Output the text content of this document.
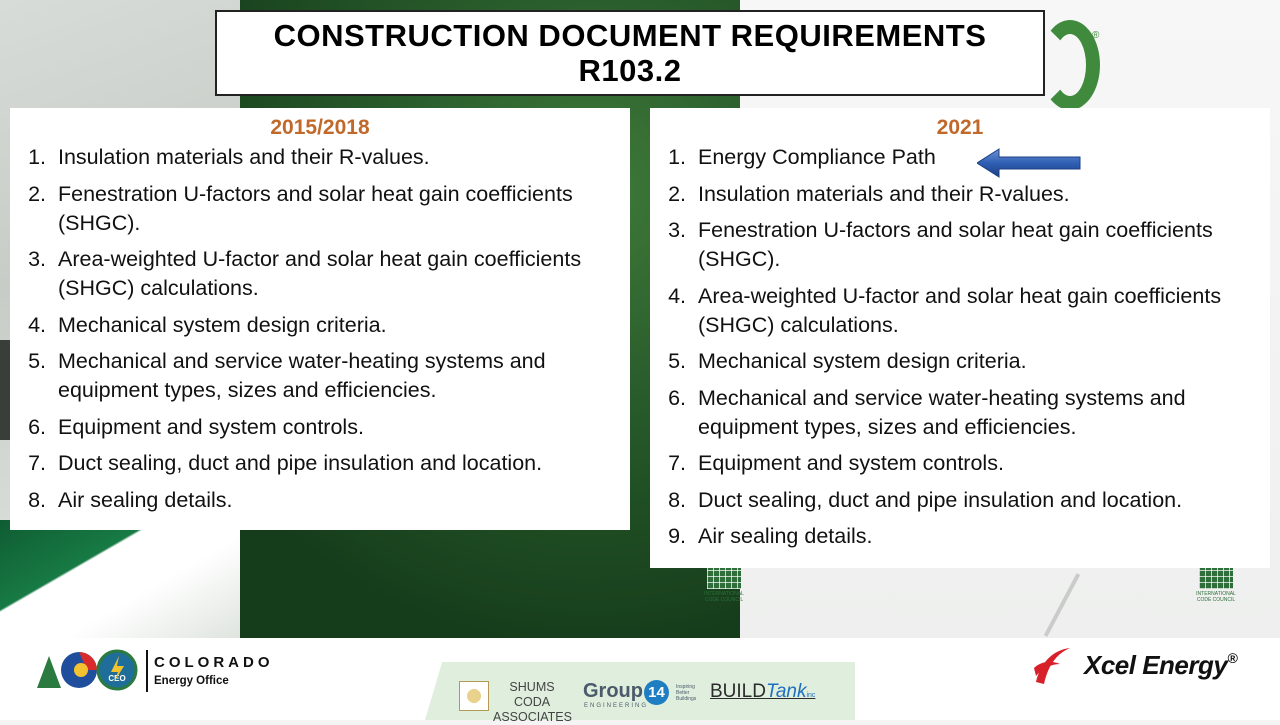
®
INTERNATIONAL
CODE COUNCIL
INTERNATIONAL
CODE COUNCIL
CONSTRUCTION DOCUMENT REQUIREMENTS
R103.2
2015/2018
1. Insulation materials and their R-values.
2. Fenestration U-factors and solar heat gain coefficients (SHGC).
3. Area-weighted U-factor and solar heat gain coefficients (SHGC) calculations.
4. Mechanical system design criteria.
5. Mechanical and service water-heating systems and equipment types, sizes and efficiencies.
6. Equipment and system controls.
7. Duct sealing, duct and pipe insulation and location.
8. Air sealing details.
2021
1. Energy Compliance Path
2. Insulation materials and their R-values.
3. Fenestration U-factors and solar heat gain coefficients (SHGC).
4. Area-weighted U-factor and solar heat gain coefficients (SHGC) calculations.
5. Mechanical system design criteria.
6. Mechanical and service water-heating systems and equipment types, sizes and efficiencies.
7. Equipment and system controls.
8. Duct sealing, duct and pipe insulation and location.
9. Air sealing details.
CEO
COLORADO
Energy Office	SHUMS CODA
ASSOCIATES
Group 14
ENGINEERING
Inspiring Better Buildings BUILDTankinc
Xcel Energy®
